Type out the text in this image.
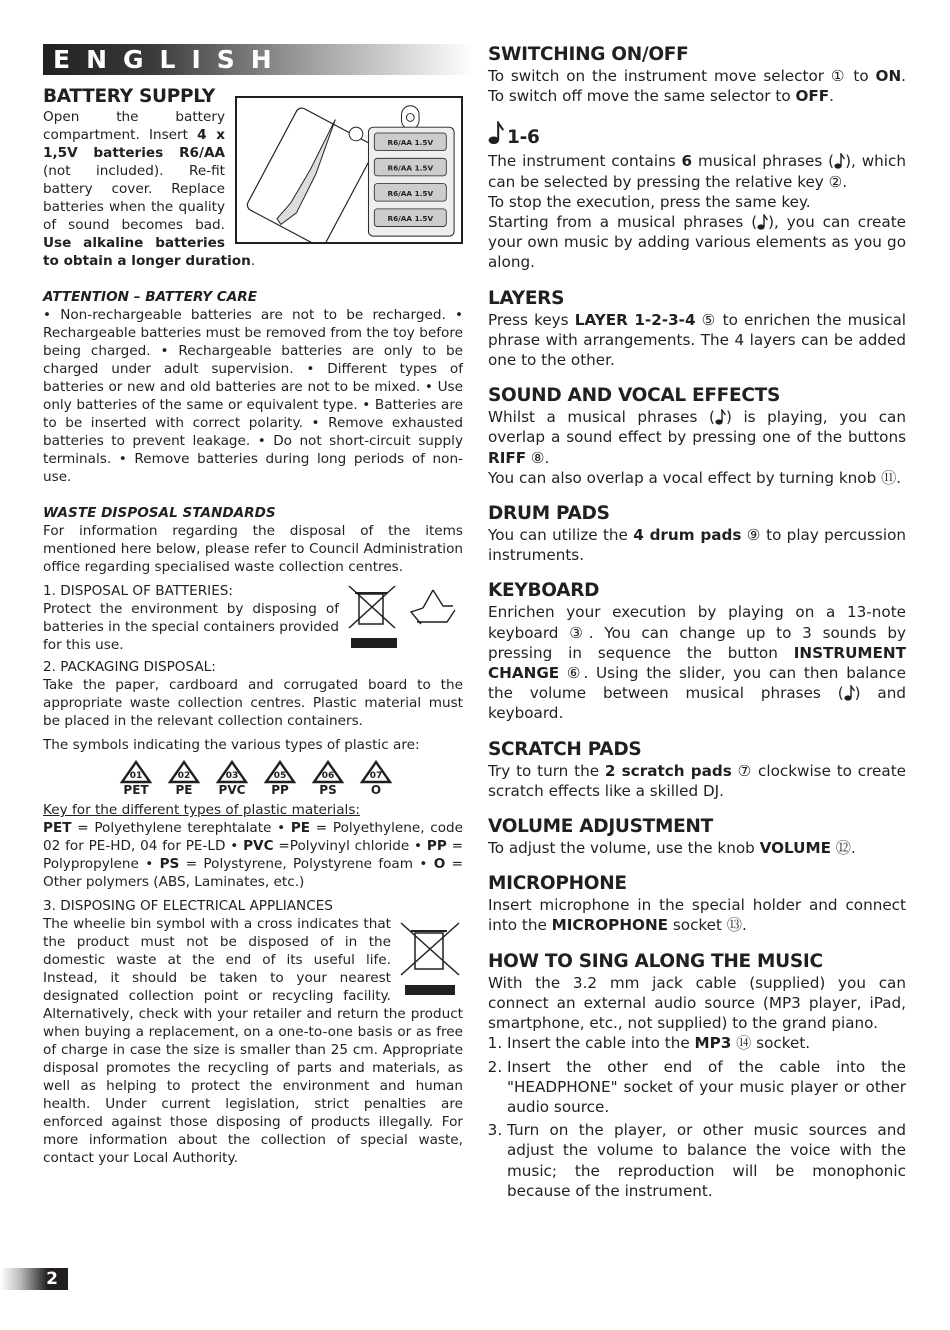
ENGLISH
BATTERY SUPPLY
R6/AA 1.5V
R6/AA 1.5V
R6/AA 1.5V
R6/AA 1.5V

Open the battery compartment. Insert 4 x 1,5V batteries R6/AA (not included). Re-fit battery cover. Replace batteries when the quality of sound becomes bad. Use alkaline batteries to obtain a longer duration.

ATTENTION – BATTERY CARE

• Non-rechargeable batteries are not to be recharged. • Rechargeable batteries must be removed from the toy before being charged. • Rechargeable batteries are only to be charged under adult supervision. • Different types of batteries or new and old batteries are not to be mixed. • Use only batteries of the same or equivalent type. • Batteries are to be inserted with correct polarity. • Remove exhausted batteries to prevent leakage. • Do not short-circuit supply terminals. • Remove batteries during long periods of non-use.

WASTE DISPOSAL STANDARDS

For information regarding the disposal of the items mentioned here below, please refer to Council Administration office regarding specialised waste collection centres.

1. DISPOSAL OF BATTERIES:

Protect the environment by disposing of batteries in the special containers provided for this use.

2. PACKAGING DISPOSAL:

Take the paper, cardboard and corrugated board to the appropriate waste collection centres. Plastic material must be placed in the relevant collection containers.

The symbols indicating the various types of plastic are:

01
PET
02
PE
03
PVC
05
PP
06
PS
07
O

Key for the different types of plastic materials:

PET = Polyethylene terephtalate • PE = Polyethylene, code 02 for PE-HD, 04 for PE-LD • PVC =Polyvinyl chloride • PP = Polypropylene • PS = Polystyrene, Polystyrene foam • O = Other polymers (ABS, Laminates, etc.)

3. DISPOSING OF ELECTRICAL APPLIANCES

The wheelie bin symbol with a cross indicates that the product must not be disposed of in the domestic waste at the end of its useful life. Instead, it should be taken to your nearest designated collection point or recycling facility. Alternatively, check with your retailer and return the product when buying a replacement, on a one-to-one basis or as free of charge in case the size is smaller than 25 cm. Appropriate disposal promotes the recycling of parts and materials, as well as helping to protect the environment and human health. Under current legislation, strict penalties are enforced against those disposing of products illegally. For more information about the collection of special waste, contact your Local Authority.

SWITCHING ON/OFF

To switch on the instrument move selector ① to ON. To switch off move the same selector to OFF.

1-6

The instrument contains 6 musical phrases ( ), which can be selected by pressing the relative key ②.

To stop the execution, press the same key.

Starting from a musical phrases ( ), you can create your own music by adding various elements as you go along.

LAYERS

Press keys LAYER 1-2-3-4 ⑤ to enrichen the musical phrase with arrangements. The 4 layers can be added one to the other.

SOUND AND VOCAL EFFECTS

Whilst a musical phrases ( ) is playing, you can overlap a sound effect by pressing one of the buttons RIFF ⑧.

You can also overlap a vocal effect by turning knob ⑪.

DRUM PADS

You can utilize the 4 drum pads ⑨ to play percussion instruments.

KEYBOARD

Enrichen your execution by playing on a 13-note keyboard ③. You can change up to 3 sounds by pressing in sequence the button INSTRUMENT CHANGE ⑥. Using the slider, you can then balance the volume between musical phrases ( ) and keyboard.

SCRATCH PADS

Try to turn the 2 scratch pads ⑦ clockwise to create scratch effects like a skilled DJ.

VOLUME ADJUSTMENT

To adjust the volume, use the knob VOLUME ⑫.

MICROPHONE

Insert microphone in the special holder and connect into the MICROPHONE socket ⑬.

HOW TO SING ALONG THE MUSIC

With the 3.2 mm jack cable (supplied) you can connect an external audio source (MP3 player, iPad, smartphone, etc., not supplied) to the grand piano.

1. Insert the cable into the MP3 ⑭ socket.
2. Insert the other end of the cable into the "HEADPHONE" socket of your music player or other audio source.
3. Turn on the player, or other music sources and adjust the volume to balance the voice with the music; the reproduction will be monophonic because of the instrument.
2
